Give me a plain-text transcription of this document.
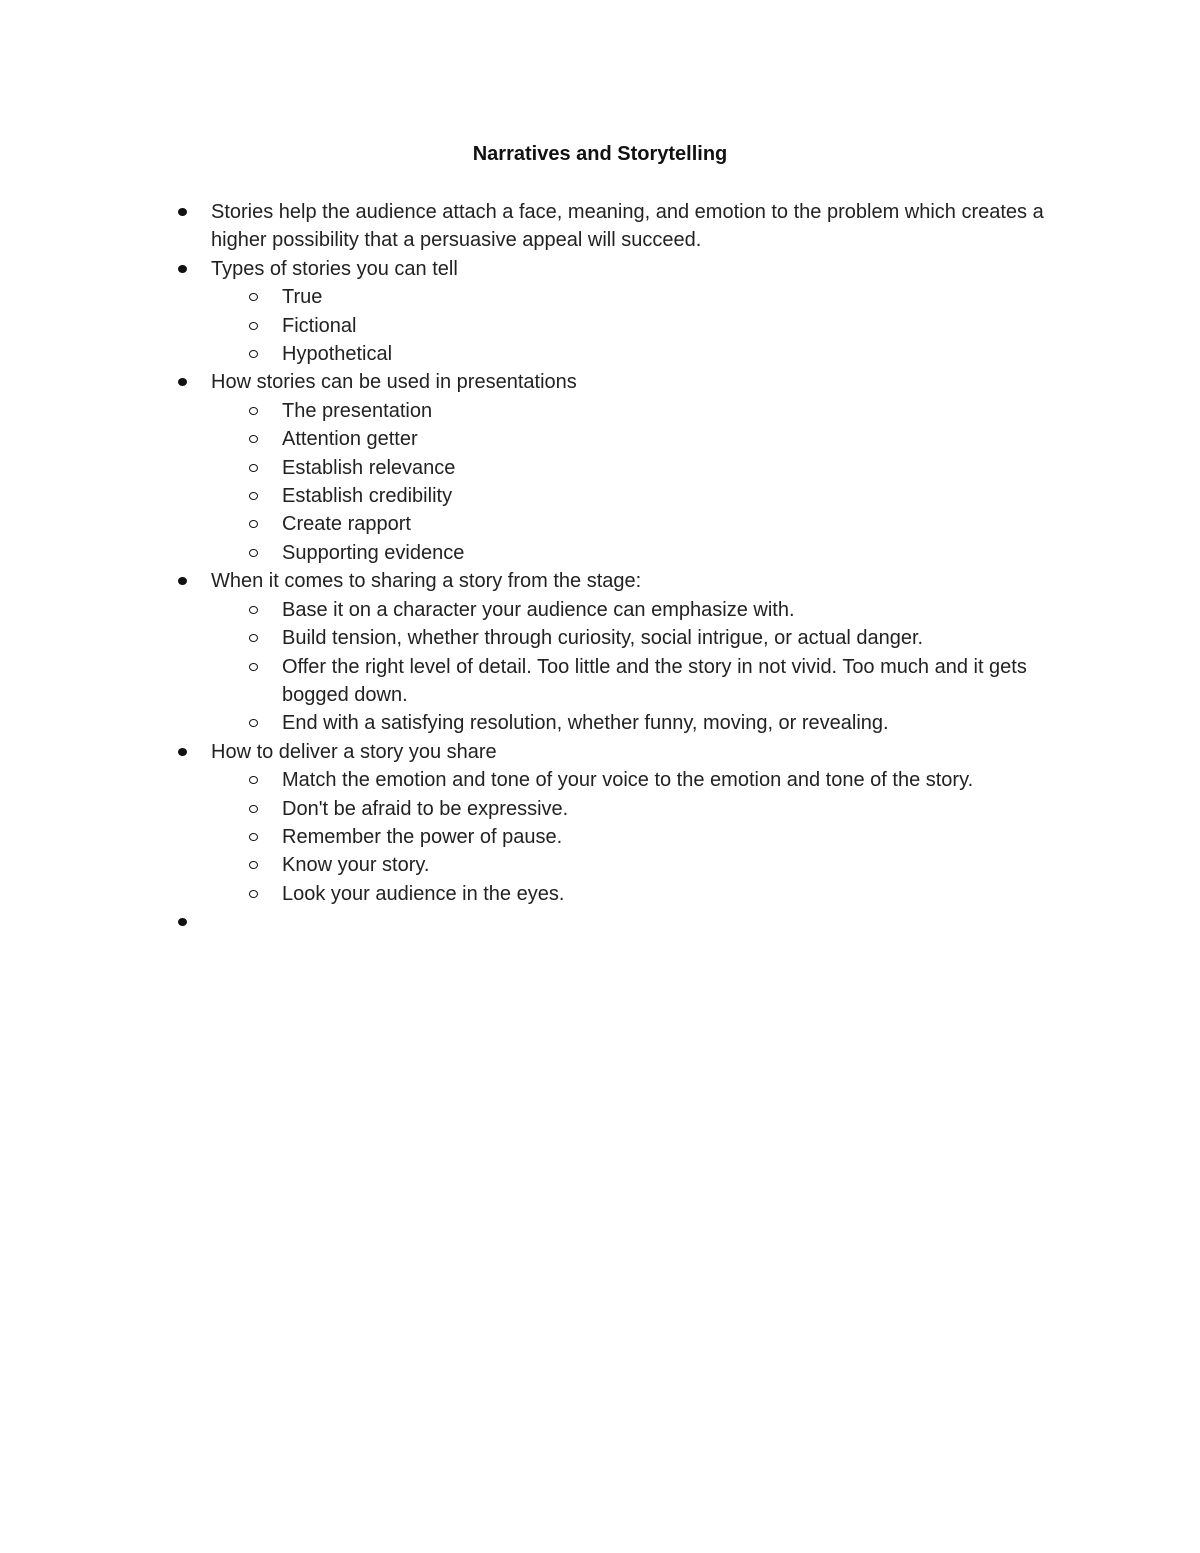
Narratives and Storytelling
Stories help the audience attach a face, meaning, and emotion to the problem which creates a higher possibility that a persuasive appeal will succeed.
Types of stories you can tell
True
Fictional
Hypothetical
How stories can be used in presentations
The presentation
Attention getter
Establish relevance
Establish credibility
Create rapport
Supporting evidence
When it comes to sharing a story from the stage:
Base it on a character your audience can emphasize with.
Build tension, whether through curiosity, social intrigue, or actual danger.
Offer the right level of detail. Too little and the story in not vivid. Too much and it gets bogged down.
End with a satisfying resolution, whether funny, moving, or revealing.
How to deliver a story you share
Match the emotion and tone of your voice to the emotion and tone of the story.
Don't be afraid to be expressive.
Remember the power of pause.
Know your story.
Look your audience in the eyes.
